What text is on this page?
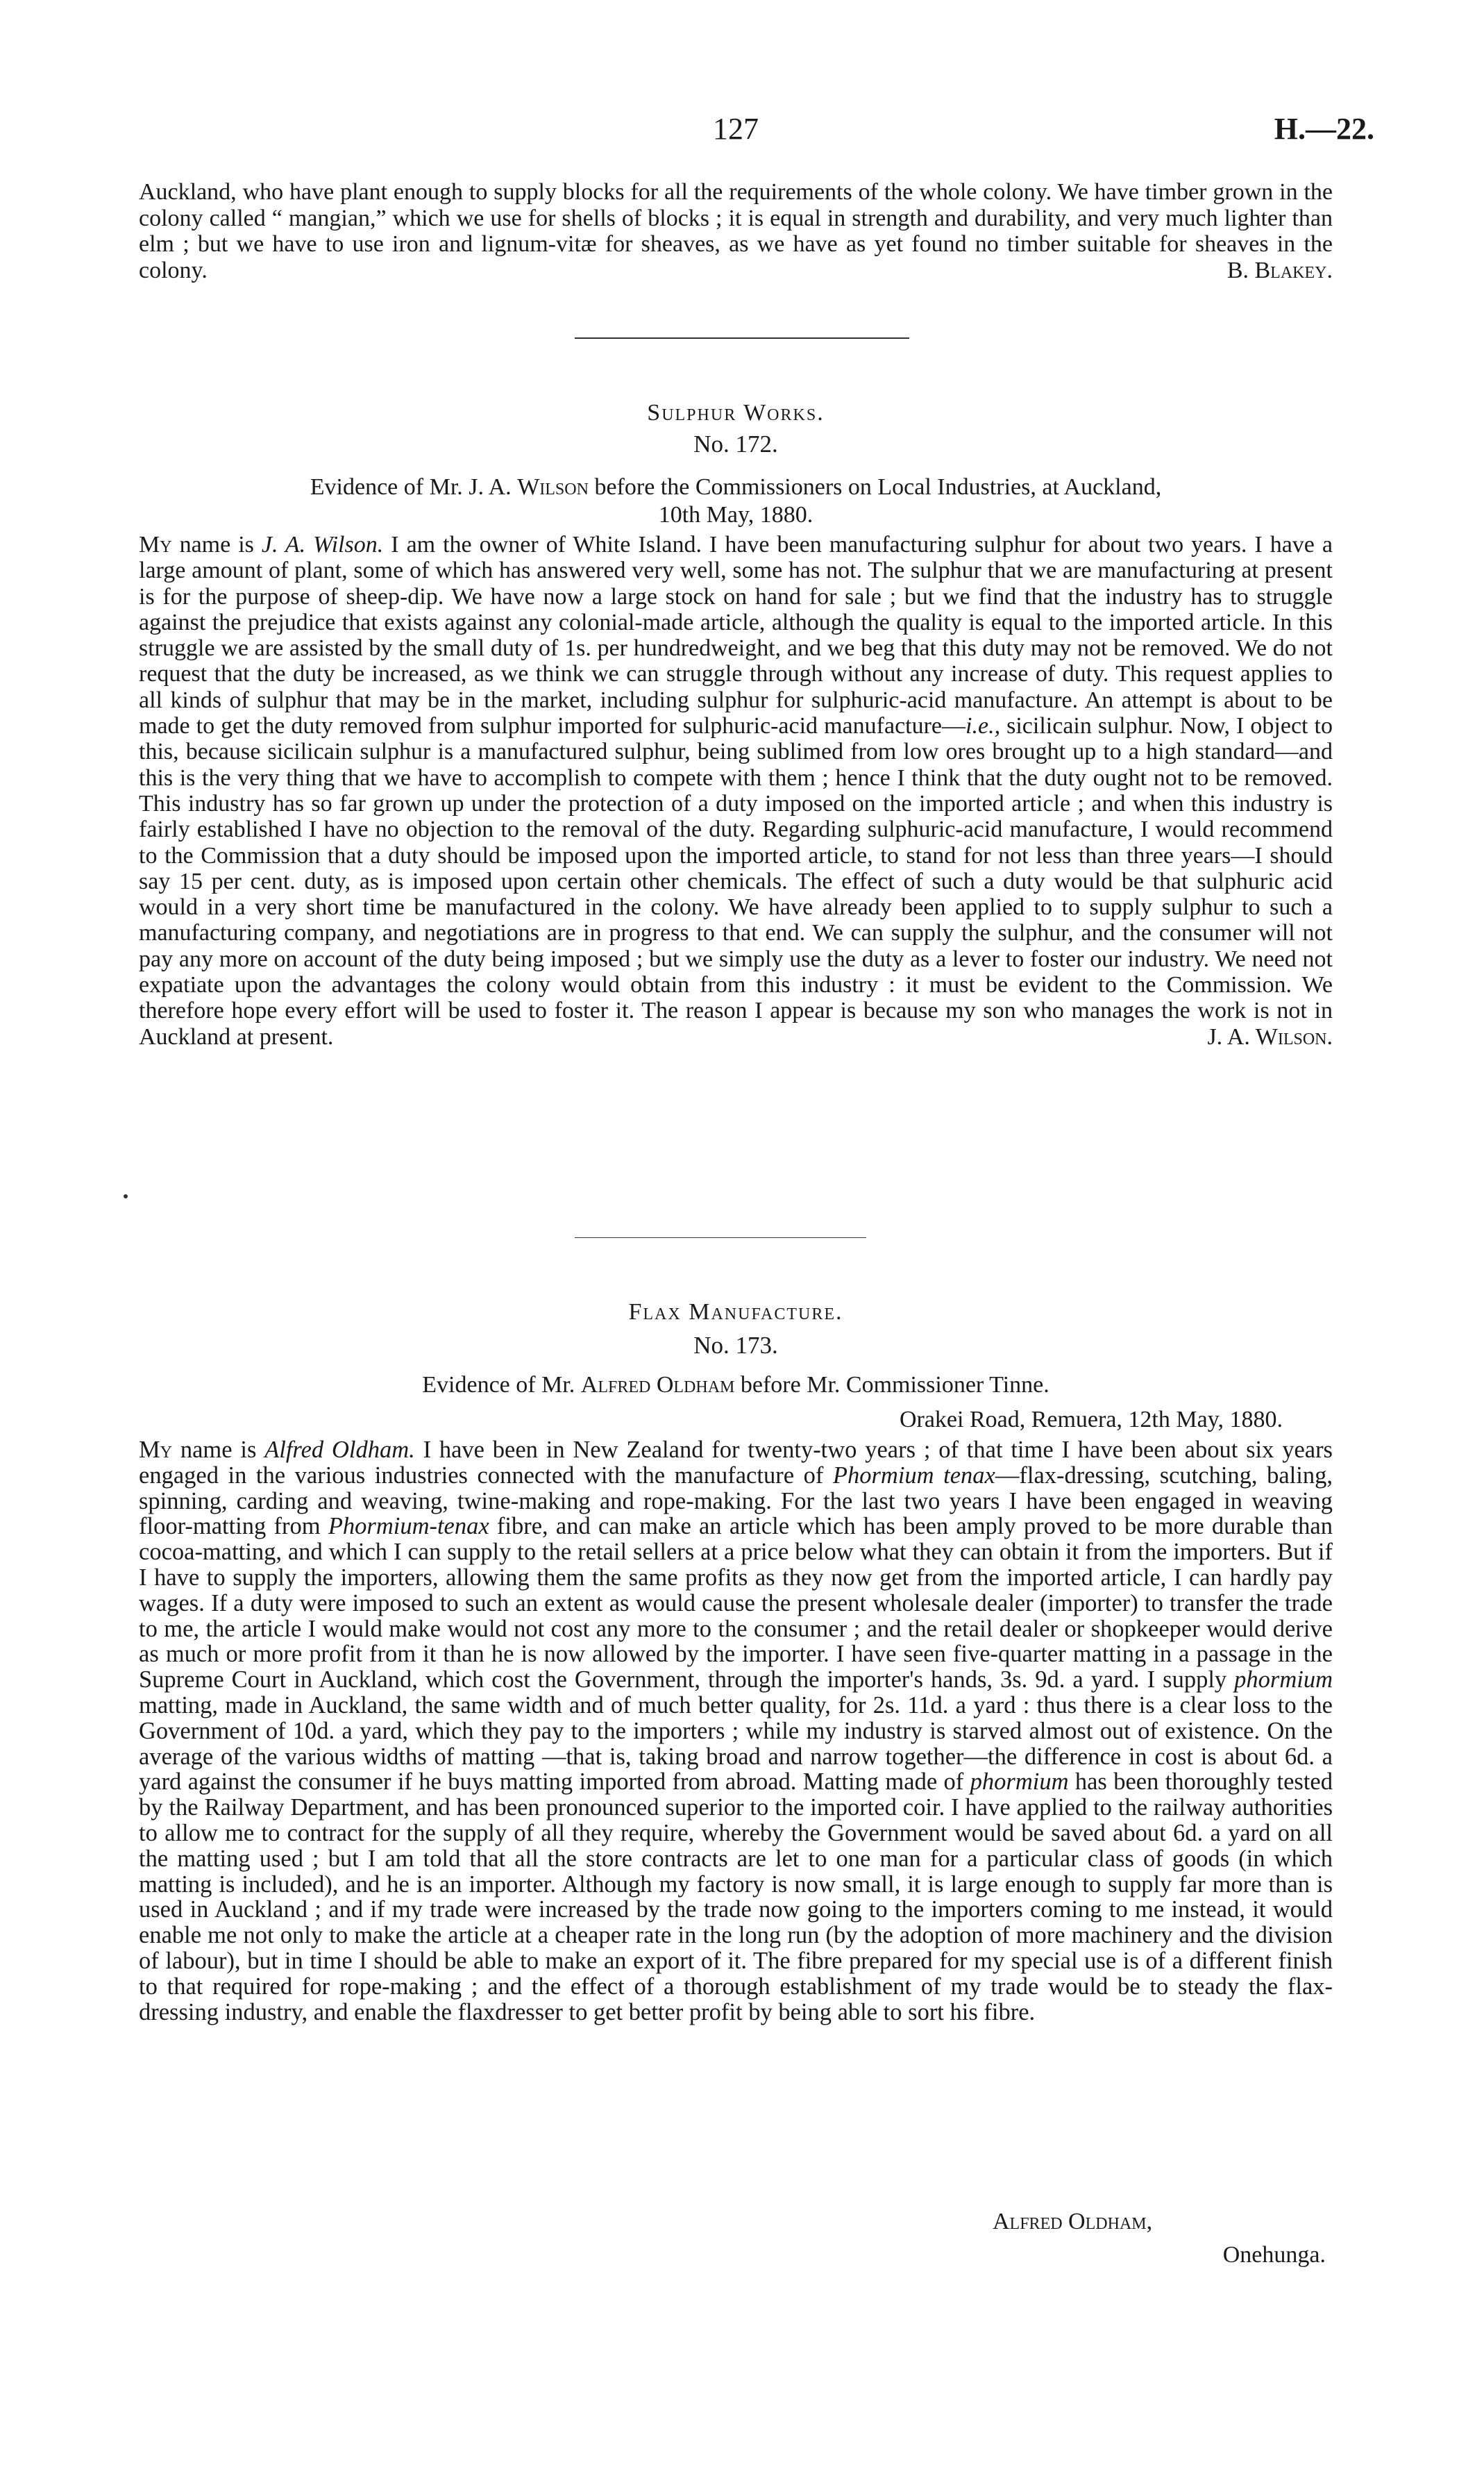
127	H.—22.
Auckland, who have plant enough to supply blocks for all the requirements of the whole colony. We have timber grown in the colony called “ mangian,” which we use for shells of blocks ; it is equal in strength and durability, and very much lighter than elm ; but we have to use iron and lignum-vitæ for sheaves, as we have as yet found no timber suitable for sheaves in the colony.	B. Blakey.
Sulphur Works.
No. 172.
Evidence of Mr. J. A. Wilson before the Commissioners on Local Industries, at Auckland,
10th May, 1880.
My name is J. A. Wilson. I am the owner of White Island. I have been manufacturing sulphur for about two years. I have a large amount of plant, some of which has answered very well, some has not. The sulphur that we are manufacturing at present is for the purpose of sheep-dip. We have now a large stock on hand for sale ; but we find that the industry has to struggle against the prejudice that exists against any colonial-made article, although the quality is equal to the imported article. In this struggle we are assisted by the small duty of 1s. per hundredweight, and we beg that this duty may not be removed. We do not request that the duty be increased, as we think we can struggle through without any increase of duty. This request applies to all kinds of sulphur that may be in the market, including sulphur for sulphuric-acid manufacture. An attempt is about to be made to get the duty removed from sulphur imported for sulphuric-acid manufacture—i.e., sicilicain sulphur. Now, I object to this, because sicilicain sulphur is a manufactured sulphur, being sublimed from low ores brought up to a high standard—and this is the very thing that we have to accomplish to compete with them ; hence I think that the duty ought not to be removed. This industry has so far grown up under the protection of a duty imposed on the imported article ; and when this industry is fairly established I have no objection to the removal of the duty. Regarding sulphuric-acid manufacture, I would recommend to the Commission that a duty should be imposed upon the imported article, to stand for not less than three years—I should say 15 per cent. duty, as is imposed upon certain other chemicals. The effect of such a duty would be that sulphuric acid would in a very short time be manufactured in the colony. We have already been applied to to supply sulphur to such a manufacturing company, and negotiations are in progress to that end. We can supply the sulphur, and the consumer will not pay any more on account of the duty being imposed ; but we simply use the duty as a lever to foster our industry. We need not expatiate upon the advantages the colony would obtain from this industry : it must be evident to the Commission. We therefore hope every effort will be used to foster it. The reason I appear is because my son who manages the work is not in Auckland at present.	J. A. Wilson.
Flax Manufacture.
No. 173.
Evidence of Mr. Alfred Oldham before Mr. Commissioner Tinne.
Orakei Road, Remuera, 12th May, 1880.
My name is Alfred Oldham. I have been in New Zealand for twenty-two years ; of that time I have been about six years engaged in the various industries connected with the manufacture of Phormium tenax—flax-dressing, scutching, baling, spinning, carding and weaving, twine-making and rope-making. For the last two years I have been engaged in weaving floor-matting from Phormium-tenax fibre, and can make an article which has been amply proved to be more durable than cocoa-matting, and which I can supply to the retail sellers at a price below what they can obtain it from the importers. But if I have to supply the importers, allowing them the same profits as they now get from the imported article, I can hardly pay wages. If a duty were imposed to such an extent as would cause the present wholesale dealer (importer) to transfer the trade to me, the article I would make would not cost any more to the consumer ; and the retail dealer or shopkeeper would derive as much or more profit from it than he is now allowed by the importer. I have seen five-quarter matting in a passage in the Supreme Court in Auckland, which cost the Government, through the importer's hands, 3s. 9d. a yard. I supply phormium matting, made in Auckland, the same width and of much better quality, for 2s. 11d. a yard : thus there is a clear loss to the Government of 10d. a yard, which they pay to the importers ; while my industry is starved almost out of existence. On the average of the various widths of matting —that is, taking broad and narrow together—the difference in cost is about 6d. a yard against the consumer if he buys matting imported from abroad. Matting made of phormium has been thoroughly tested by the Railway Department, and has been pronounced superior to the imported coir. I have applied to the railway authorities to allow me to contract for the supply of all they require, whereby the Government would be saved about 6d. a yard on all the matting used ; but I am told that all the store contracts are let to one man for a particular class of goods (in which matting is included), and he is an importer. Although my factory is now small, it is large enough to supply far more than is used in Auckland ; and if my trade were increased by the trade now going to the importers coming to me instead, it would enable me not only to make the article at a cheaper rate in the long run (by the adoption of more machinery and the division of labour), but in time I should be able to make an export of it. The fibre prepared for my special use is of a different finish to that required for rope-making ; and the effect of a thorough establishment of my trade would be to steady the flax-dressing industry, and enable the flaxdresser to get better profit by being able to sort his fibre.
Alfred Oldham,
Onehunga.
